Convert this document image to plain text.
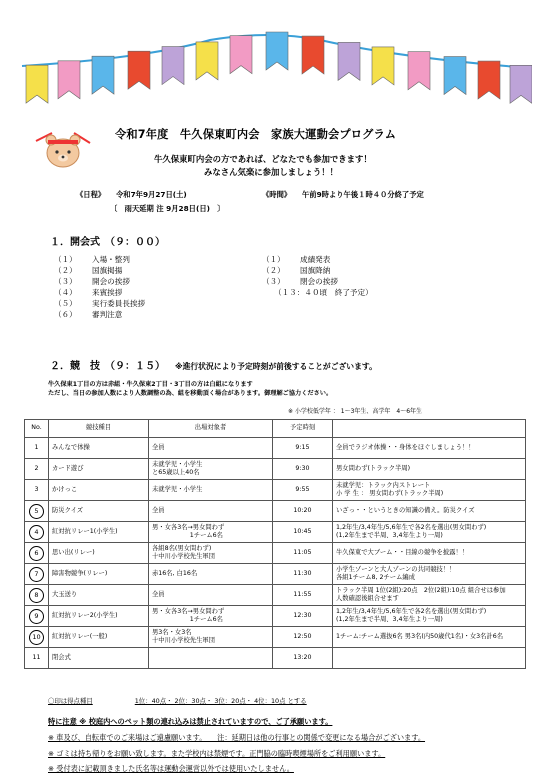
令和7年度　牛久保東町内会　家族大運動会プログラム
牛久保東町内会の方であれば、どなたでも参加できます！
みなさん気楽に参加しましょう！！
《日程》 令和7年9月27日(土)
〔　雨天延期 注 9月28日(日)　〕
《時間》 午前9時より午後１時４０分終了予定
１．開会式　（９：００）
（１） 入場・整列
（２） 国旗掲揚
（３） 開会の挨拶
（４） 来賓挨拶
（５） 実行委員長挨拶
（６） 審判注意
（１） 成績発表
（２） 国旗降納
（３） 閉会の挨拶
（１３：４０頃　終了予定）
２．競　技　（９：１５） ※進行状況により予定時刻が前後することがございます。
牛久保東1丁目の方は赤組・牛久保東2丁目・3丁目の方は白組になります
ただし、当日の参加人数により人数調整の為、組を移動頂く場合があります。御理解ご協力ください。
※ 小学校低学年 ： 1～3年生、高学年　4～6年生
No.	競技種目	出場対象者	予定時刻	
1	みんなで体操	全員	9:15	全員でラジオ体操・・身体をほぐしましょう！！
2	カード遊び	未就学児・小学生
と65歳以上40名	9:30	男女問わず(トラック半周)
3	かけっこ	未就学児・小学生	9:55	未就学児：トラック内ストレート
小 学 生 ： 男女問わず(トラック半周)
5	防災クイズ	全員	10:20	いざっ・・というときの知識の備え。防災クイズ
4	紅対抗リレー1(小学生)	男・女各3名→男女問わず
　　　　　　1チーム6名	10:45	1,2年生/3,4年生/5,6年生で各2名を選出(男女問わず)
(1,2年生まで半周、3,4年生より一周)
6	思い出(リレー)	各組8名(男女問わず)
十中川小学校先生軍団	11:05	牛久保東で大ブーム・・目線の競争を披露！！
7	障害物競争(リレー)	赤16名, 白16名	11:30	小学生ゾーンと大人ゾーンの共同競技！！
各組1チーム8, 2チーム編成
8	大玉送り	全員	11:55	トラック半周 1位(2組):20点　2位(2組):10点 組合せは参加
人数確認後組合せます
9	紅対抗リレー2(小学生)	男・女各3名→男女問わず
　　　　　　1チーム6名	12:30	1,2年生/3,4年生/5,6年生で各2名を選出(男女問わず)
(1,2年生まで半周、3,4年生より一周)
10	紅対抗リレー(一般)	男3名・女3名
十中川小学校先生軍団	12:50	1チーム:チーム選抜6名 男3名(内50歳代1名)・女3名計6名
11	閉会式		13:20	
〇印は得点種目	1位：40点・ 2位：30点・ 3位：20点・ 4位：10点 とする
特に注意 ※ 校庭内へのペット類の連れ込みは禁止されていますので、ご了承願います。
※ 車及び、自転車でのご来場はご遠慮願います。　　注：延期日は他の行事との関係で変更になる場合がございます。
※ ゴミは持ち帰りをお願い致します。また学校内は禁煙です。正門脇の臨時喫煙場所をご利用願います。
※ 受付表に記載頂きました氏名等は運動会運営以外では使用いたしません。
